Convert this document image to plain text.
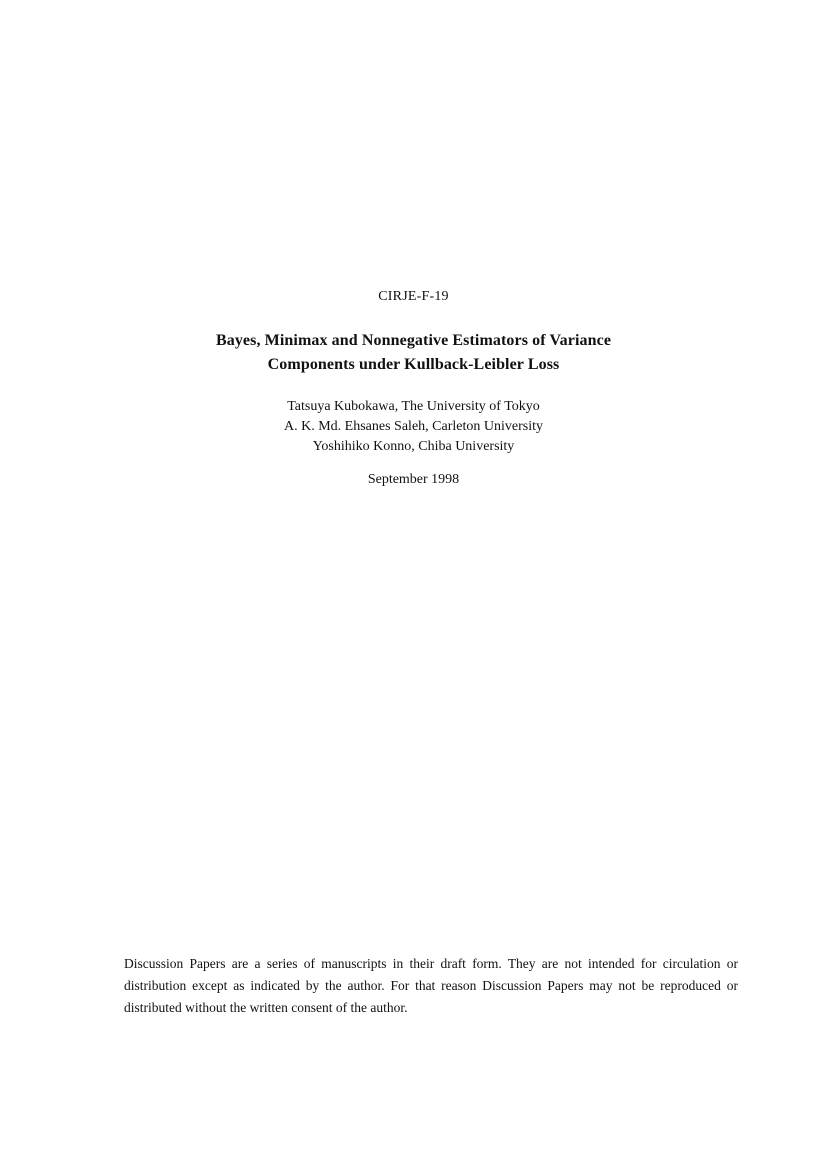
CIRJE-F-19
Bayes, Minimax and Nonnegative Estimators of Variance
Components under Kullback-Leibler Loss
Tatsuya Kubokawa, The University of Tokyo
A. K. Md. Ehsanes Saleh, Carleton University
Yoshihiko Konno, Chiba University
September 1998
Discussion Papers are a series of manuscripts in their draft form. They are not intended for circulation or distribution except as indicated by the author. For that reason Discussion Papers may not be reproduced or distributed without the written consent of the author.
